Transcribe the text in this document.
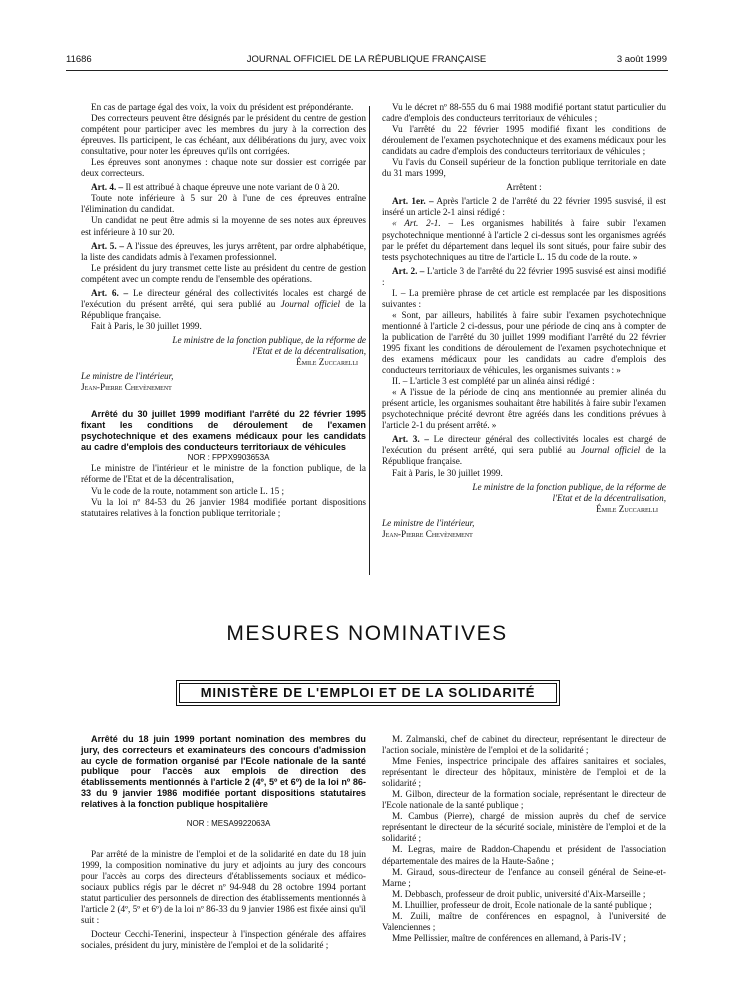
11686	JOURNAL OFFICIEL DE LA RÉPUBLIQUE FRANÇAISE	3 août 1999

En cas de partage égal des voix, la voix du président est prépondérante.

Des correcteurs peuvent être désignés par le président du centre de gestion compétent pour participer avec les membres du jury à la correction des épreuves. Ils participent, le cas échéant, aux délibérations du jury, avec voix consultative, pour noter les épreuves qu'ils ont corrigées.

Les épreuves sont anonymes : chaque note sur dossier est corrigée par deux correcteurs.

Art. 4. – Il est attribué à chaque épreuve une note variant de 0 à 20.

Toute note inférieure à 5 sur 20 à l'une de ces épreuves entraîne l'élimination du candidat.

Un candidat ne peut être admis si la moyenne de ses notes aux épreuves est inférieure à 10 sur 20.

Art. 5. – A l'issue des épreuves, les jurys arrêtent, par ordre alphabétique, la liste des candidats admis à l'examen professionnel.

Le président du jury transmet cette liste au président du centre de gestion compétent avec un compte rendu de l'ensemble des opérations.

Art. 6. – Le directeur général des collectivités locales est chargé de l'exécution du présent arrêté, qui sera publié au Journal officiel de la République française.

Fait à Paris, le 30 juillet 1999.

Le ministre de la fonction publique, de la réforme de l'Etat et de la décentralisation,

Émile Zuccarelli

Le ministre de l'intérieur,

Jean-Pierre Chevènement

Arrêté du 30 juillet 1999 modifiant l'arrêté du 22 février 1995 fixant les conditions de déroulement de l'examen psychotechnique et des examens médicaux pour les candidats au cadre d'emplois des conducteurs territoriaux de véhicules

NOR : FPPX9903653A

Le ministre de l'intérieur et le ministre de la fonction publique, de la réforme de l'Etat et de la décentralisation,

Vu le code de la route, notamment son article L. 15 ;

Vu la loi nº 84-53 du 26 janvier 1984 modifiée portant dispositions statutaires relatives à la fonction publique territoriale ;

Vu le décret nº 88-555 du 6 mai 1988 modifié portant statut particulier du cadre d'emplois des conducteurs territoriaux de véhicules ;

Vu l'arrêté du 22 février 1995 modifié fixant les conditions de déroulement de l'examen psychotechnique et des examens médicaux pour les candidats au cadre d'emplois des conducteurs territoriaux de véhicules ;

Vu l'avis du Conseil supérieur de la fonction publique territoriale en date du 31 mars 1999,

Arrêtent :

Art. 1er. – Après l'article 2 de l'arrêté du 22 février 1995 susvisé, il est inséré un article 2-1 ainsi rédigé :

« Art. 2-1. – Les organismes habilités à faire subir l'examen psychotechnique mentionné à l'article 2 ci-dessus sont les organismes agréés par le préfet du département dans lequel ils sont situés, pour faire subir des tests psychotechniques au titre de l'article L. 15 du code de la route. »

Art. 2. – L'article 3 de l'arrêté du 22 février 1995 susvisé est ainsi modifié :

I. – La première phrase de cet article est remplacée par les dispositions suivantes :

« Sont, par ailleurs, habilités à faire subir l'examen psychotechnique mentionné à l'article 2 ci-dessus, pour une période de cinq ans à compter de la publication de l'arrêté du 30 juillet 1999 modifiant l'arrêté du 22 février 1995 fixant les conditions de déroulement de l'examen psychotechnique et des examens médicaux pour les candidats au cadre d'emplois des conducteurs territoriaux de véhicules, les organismes suivants : »

II. – L'article 3 est complété par un alinéa ainsi rédigé :

« A l'issue de la période de cinq ans mentionnée au premier alinéa du présent article, les organismes souhaitant être habilités à faire subir l'examen psychotechnique précité devront être agréés dans les conditions prévues à l'article 2-1 du présent arrêté. »

Art. 3. – Le directeur général des collectivités locales est chargé de l'exécution du présent arrêté, qui sera publié au Journal officiel de la République française.

Fait à Paris, le 30 juillet 1999.

Le ministre de la fonction publique, de la réforme de l'Etat et de la décentralisation,

Émile Zuccarelli

Le ministre de l'intérieur,

Jean-Pierre Chevènement

MESURES NOMINATIVES
MINISTÈRE DE L'EMPLOI ET DE LA SOLIDARITÉ

Arrêté du 18 juin 1999 portant nomination des membres du jury, des correcteurs et examinateurs des concours d'admission au cycle de formation organisé par l'Ecole nationale de la santé publique pour l'accès aux emplois de direction des établissements mentionnés à l'article 2 (4º, 5º et 6º) de la loi nº 86-33 du 9 janvier 1986 modifiée portant dispositions statutaires relatives à la fonction publique hospitalière

NOR : MESA9922063A

Par arrêté de la ministre de l'emploi et de la solidarité en date du 18 juin 1999, la composition nominative du jury et adjoints au jury des concours pour l'accès au corps des directeurs d'établissements sociaux et médico-sociaux publics régis par le décret nº 94-948 du 28 octobre 1994 portant statut particulier des personnels de direction des établissements mentionnés à l'article 2 (4º, 5º et 6º) de la loi nº 86-33 du 9 janvier 1986 est fixée ainsi qu'il suit :

Docteur Cecchi-Tenerini, inspecteur à l'inspection générale des affaires sociales, président du jury, ministère de l'emploi et de la solidarité ;

M. Zalmanski, chef de cabinet du directeur, représentant le directeur de l'action sociale, ministère de l'emploi et de la solidarité ;

Mme Fenies, inspectrice principale des affaires sanitaires et sociales, représentant le directeur des hôpitaux, ministère de l'emploi et de la solidarité ;

M. Gilbon, directeur de la formation sociale, représentant le directeur de l'Ecole nationale de la santé publique ;

M. Cambus (Pierre), chargé de mission auprès du chef de service représentant le directeur de la sécurité sociale, ministère de l'emploi et de la solidarité ;

M. Legras, maire de Raddon-Chapendu et président de l'association départementale des maires de la Haute-Saône ;

M. Giraud, sous-directeur de l'enfance au conseil général de Seine-et-Marne ;

M. Debbasch, professeur de droit public, université d'Aix-Marseille ;

M. Lhuillier, professeur de droit, Ecole nationale de la santé publique ;

M. Zuili, maître de conférences en espagnol, à l'université de Valenciennes ;

Mme Pellissier, maître de conférences en allemand, à Paris-IV ;
